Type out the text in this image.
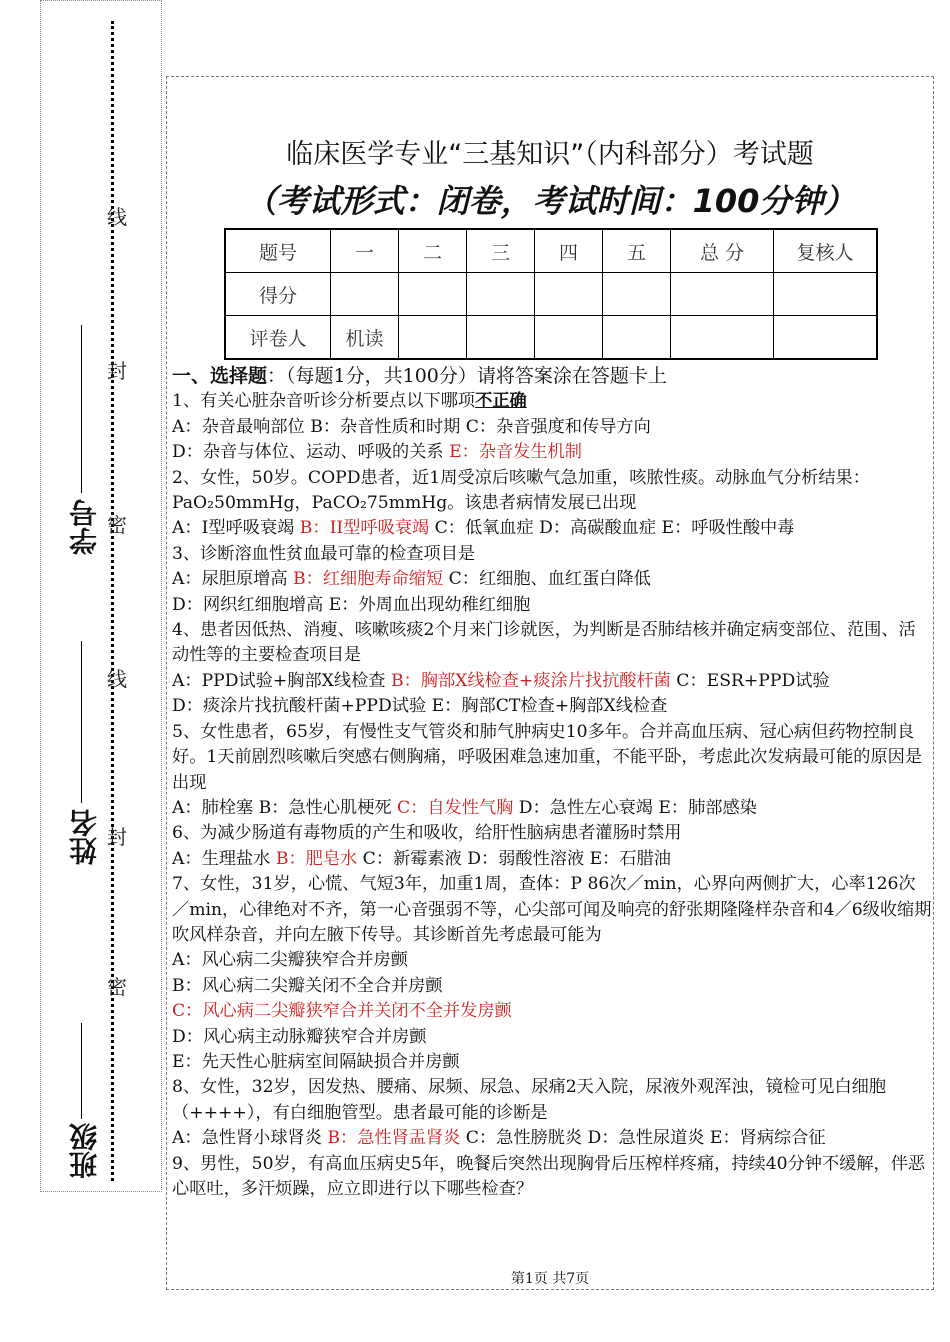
班级
姓名
学号
线
封
密
线
封
密
临床医学专业“三基知识”（内科部分）考试题
（考试形式：闭卷，考试时间：100分钟）
题号	一	二	三	四	五	总 分	复核人
得分							
评卷人	机读						

一、选择题：（每题1分，共100分）请将答案涂在答题卡上

1、有关心脏杂音听诊分析要点以下哪项不正确

A：杂音最响部位 B：杂音性质和时期 C：杂音强度和传导方向

D：杂音与体位、运动、呼吸的关系 E：杂音发生机制

2、女性，50岁。COPD患者，近1周受凉后咳嗽气急加重，咳脓性痰。动脉血气分析结果：PaO₂50mmHg，PaCO₂75mmHg。该患者病情发展已出现

A：I型呼吸衰竭 B：II型呼吸衰竭 C：低氧血症 D：高碳酸血症 E：呼吸性酸中毒

3、诊断溶血性贫血最可靠的检查项目是

A：尿胆原增高 B：红细胞寿命缩短 C：红细胞、血红蛋白降低

D：网织红细胞增高 E：外周血出现幼稚红细胞

4、患者因低热、消瘦、咳嗽咳痰2个月来门诊就医，为判断是否肺结核并确定病变部位、范围、活动性等的主要检查项目是

A：PPD试验+胸部X线检查 B：胸部X线检查+痰涂片找抗酸杆菌 C：ESR+PPD试验

D：痰涂片找抗酸杆菌+PPD试验 E：胸部CT检查+胸部X线检查

5、女性患者，65岁，有慢性支气管炎和肺气肿病史10多年。合并高血压病、冠心病但药物控制良好。1天前剧烈咳嗽后突感右侧胸痛，呼吸困难急速加重，不能平卧，考虑此次发病最可能的原因是出现

A：肺栓塞 B：急性心肌梗死 C：自发性气胸 D：急性左心衰竭 E：肺部感染

6、为减少肠道有毒物质的产生和吸收，给肝性脑病患者灌肠时禁用

A：生理盐水 B：肥皂水 C：新霉素液 D：弱酸性溶液 E：石腊油

7、女性，31岁，心慌、气短3年，加重1周，查体：P 86次／min，心界向两侧扩大，心率126次／min，心律绝对不齐，第一心音强弱不等，心尖部可闻及响亮的舒张期隆隆样杂音和4／6级收缩期吹风样杂音，并向左腋下传导。其诊断首先考虑最可能为

A：风心病二尖瓣狭窄合并房颤

B：风心病二尖瓣关闭不全合并房颤

C：风心病二尖瓣狭窄合并关闭不全并发房颤

D：风心病主动脉瓣狭窄合并房颤

E：先天性心脏病室间隔缺损合并房颤

8、女性，32岁，因发热、腰痛、尿频、尿急、尿痛2天入院，尿液外观浑浊，镜检可见白细胞（++++），有白细胞管型。患者最可能的诊断是

A：急性肾小球肾炎 B：急性肾盂肾炎 C：急性膀胱炎 D：急性尿道炎 E：肾病综合征

9、男性，50岁，有高血压病史5年，晚餐后突然出现胸骨后压榨样疼痛，持续40分钟不缓解，伴恶心呕吐，多汗烦躁，应立即进行以下哪些检查？

第1页 共7页
